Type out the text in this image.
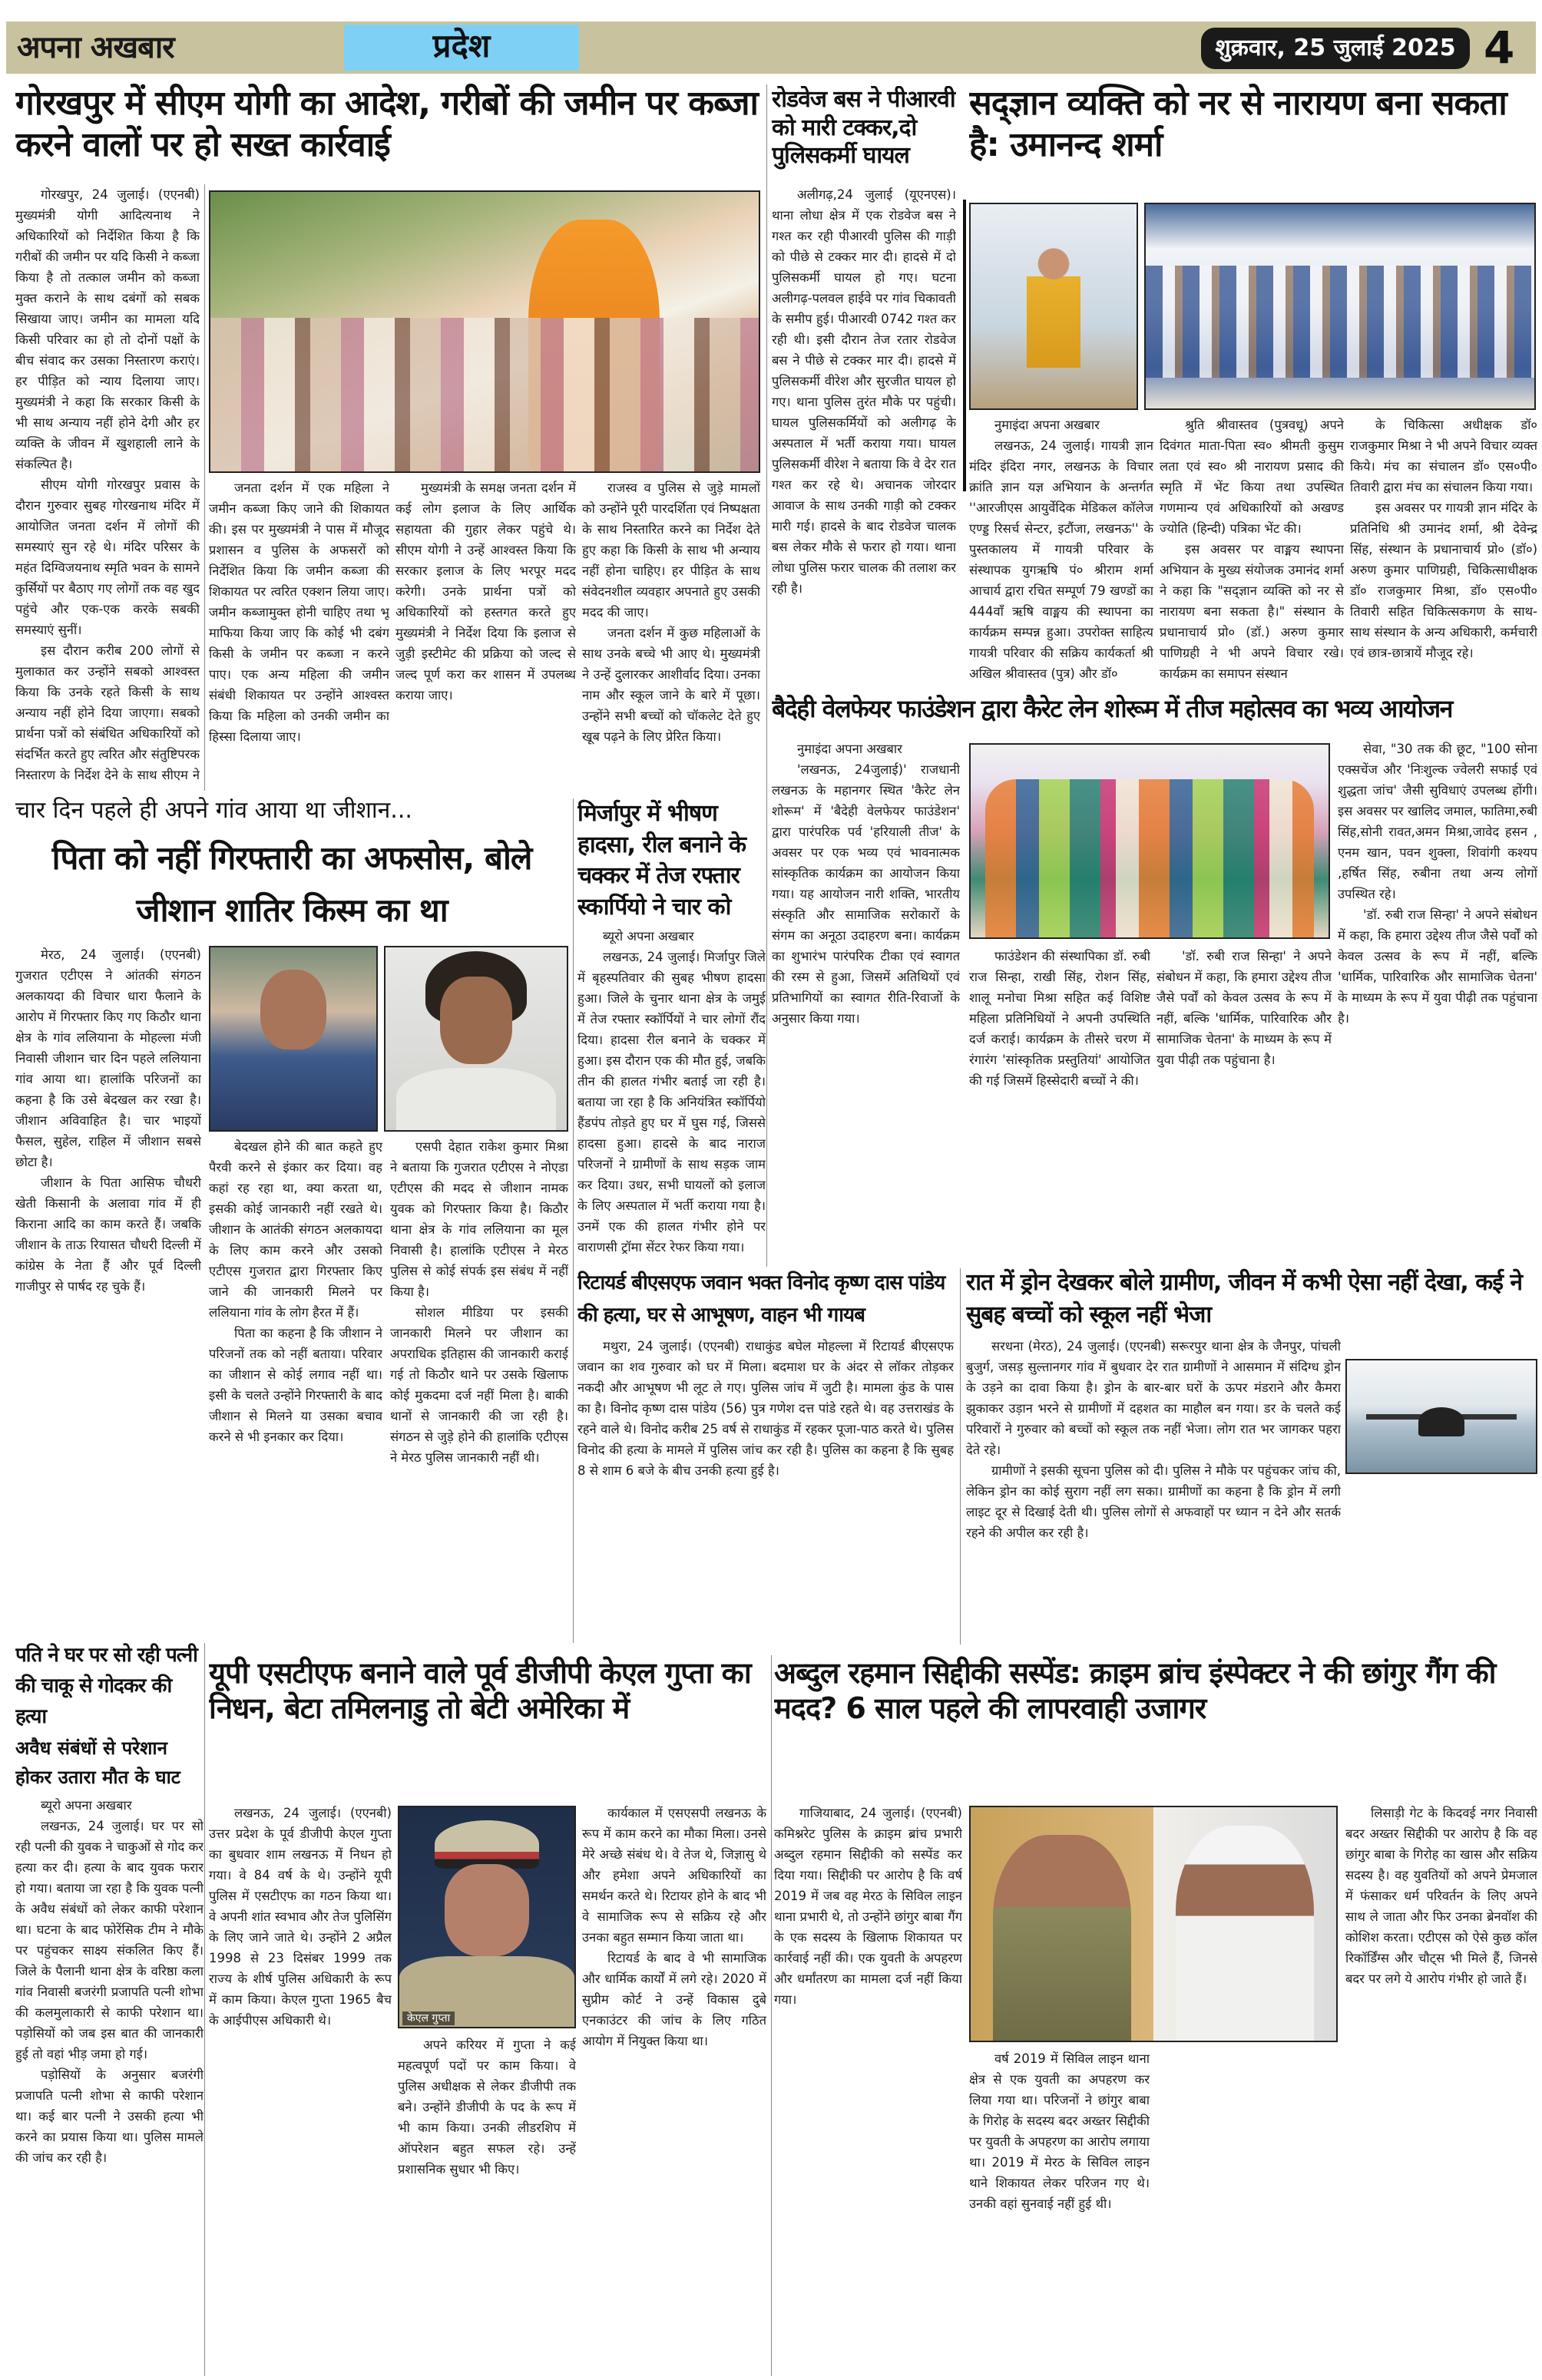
अपना अखबार	प्रदेश	शुक्रवार, 25 जुलाई 2025 4
गोरखपुर में सीएम योगी का आदेश, गरीबों की जमीन पर कब्जा करने वालों पर हो सख्त कार्रवाई

गोरखपुर, 24 जुलाई। (एएनबी) मुख्यमंत्री योगी आदित्यनाथ ने अधिकारियों को निर्देशित किया है कि गरीबों की जमीन पर यदि किसी ने कब्जा किया है तो तत्काल जमीन को कब्जा मुक्त कराने के साथ दबंगों को सबक सिखाया जाए। जमीन का मामला यदि किसी परिवार का हो तो दोनों पक्षों के बीच संवाद कर उसका निस्तारण कराएं। हर पीड़ित को न्याय दिलाया जाए। मुख्यमंत्री ने कहा कि सरकार किसी के भी साथ अन्याय नहीं होने देगी और हर व्यक्ति के जीवन में खुशहाली लाने के संकल्पित है।

सीएम योगी गोरखपुर प्रवास के दौरान गुरुवार सुबह गोरखनाथ मंदिर में आयोजित जनता दर्शन में लोगों की समस्याएं सुन रहे थे। मंदिर परिसर के महंत दिग्विजयनाथ स्मृति भवन के सामने कुर्सियों पर बैठाए गए लोगों तक वह खुद पहुंचे और एक-एक करके सबकी समस्याएं सुनीं।

इस दौरान करीब 200 लोगों से मुलाकात कर उन्होंने सबको आश्वस्त किया कि उनके रहते किसी के साथ अन्याय नहीं होने दिया जाएगा। सबको प्रार्थना पत्रों को संबंधित अधिकारियों को संदर्भित करते हुए त्वरित और संतुष्टिपरक निस्तारण के निर्देश देने के साथ सीएम ने

जनता दर्शन में एक महिला ने जमीन कब्जा किए जाने की शिकायत की। इस पर मुख्यमंत्री ने पास में मौजूद प्रशासन व पुलिस के अफसरों को निर्देशित किया कि जमीन कब्जा की शिकायत पर त्वरित एक्शन लिया जाए। जमीन कब्जामुक्त होनी चाहिए तथा भू माफिया किया जाए कि कोई भी दबंग किसी के जमीन पर कब्जा न करने पाए। एक अन्य महिला की जमीन संबंधी शिकायत पर उन्होंने आश्वस्त किया कि महिला को उनकी जमीन का हिस्सा दिलाया जाए।

मुख्यमंत्री के समक्ष जनता दर्शन में कई लोग इलाज के लिए आर्थिक सहायता की गुहार लेकर पहुंचे थे। सीएम योगी ने उन्हें आश्वस्त किया कि सरकार इलाज के लिए भरपूर मदद करेगी। उनके प्रार्थना पत्रों को अधिकारियों को हस्तगत करते हुए मुख्यमंत्री ने निर्देश दिया कि इलाज से जुड़ी इस्टीमेट की प्रक्रिया को जल्द से जल्द पूर्ण करा कर शासन में उपलब्ध कराया जाए।

राजस्व व पुलिस से जुड़े मामलों को उन्होंने पूरी पारदर्शिता एवं निष्पक्षता के साथ निस्तारित करने का निर्देश देते हुए कहा कि किसी के साथ भी अन्याय नहीं होना चाहिए। हर पीड़ित के साथ संवेदनशील व्यवहार अपनाते हुए उसकी मदद की जाए।

जनता दर्शन में कुछ महिलाओं के साथ उनके बच्चे भी आए थे। मुख्यमंत्री ने उन्हें दुलारकर आशीर्वाद दिया। उनका नाम और स्कूल जाने के बारे में पूछा। उन्होंने सभी बच्चों को चॉकलेट देते हुए खूब पढ़ने के लिए प्रेरित किया।

रोडवेज बस ने पीआरवी को मारी टक्कर,दो पुलिसकर्मी घायल

अलीगढ़,24 जुलाई (यूएनएस)। थाना लोधा क्षेत्र में एक रोडवेज बस ने गश्त कर रही पीआरवी पुलिस की गाड़ी को पीछे से टक्कर मार दी। हादसे में दो पुलिसकर्मी घायल हो गए। घटना अलीगढ़-पलवल हाईवे पर गांव चिकावती के समीप हुई। पीआरवी 0742 गश्त कर रही थी। इसी दौरान तेज रतार रोडवेज बस ने पीछे से टक्कर मार दी। हादसे में पुलिसकर्मी वीरेश और सुरजीत घायल हो गए। थाना पुलिस तुरंत मौके पर पहुंची। घायल पुलिसकर्मियों को अलीगढ़ के अस्पताल में भर्ती कराया गया। घायल पुलिसकर्मी वीरेश ने बताया कि वे देर रात गश्त कर रहे थे। अचानक जोरदार आवाज के साथ उनकी गाड़ी को टक्कर मारी गई। हादसे के बाद रोडवेज चालक बस लेकर मौके से फरार हो गया। थाना लोधा पुलिस फरार चालक की तलाश कर रही है।

सद्ज्ञान व्यक्ति को नर से नारायण बना सकता है: उमानन्द शर्मा

नुमाइंदा अपना अखबार

लखनऊ, 24 जुलाई। गायत्री ज्ञान मंदिर इंदिरा नगर, लखनऊ के विचार क्रांति ज्ञान यज्ञ अभियान के अन्तर्गत ''आरजीएस आयुर्वेदिक मेडिकल कॉलेज एण्ड्ड रिसर्च सेन्टर, इटौंजा, लखनऊ'' के पुस्तकालय में गायत्री परिवार के संस्थापक युगऋषि पं० श्रीराम शर्मा आचार्य द्वारा रचित सम्पूर्ण 79 खण्डों का 444वाँ ऋषि वाङ्मय की स्थापना का कार्यक्रम सम्पन्न हुआ। उपरोक्त साहित्य गायत्री परिवार की सक्रिय कार्यकर्ता श्री अखिल श्रीवास्तव (पुत्र) और डॉ०

श्रुति श्रीवास्तव (पुत्रवधू) अपने दिवंगत माता-पिता स्व० श्रीमती कुसुम लता एवं स्व० श्री नारायण प्रसाद की स्मृति में भेंट किया तथा उपस्थित गणमान्य एवं अधिकारियों को अखण्ड ज्योति (हिन्दी) पत्रिका भेंट की।

इस अवसर पर वाङ्मय स्थापना अभियान के मुख्य संयोजक उमानंद शर्मा ने कहा कि "सद्ज्ञान व्यक्ति को नर से नारायण बना सकता है।" संस्थान के प्रधानाचार्य प्रो० (डॉ.) अरुण कुमार पाणिग्रही ने भी अपने विचार रखे। कार्यक्रम का समापन संस्थान

के चिकित्सा अधीक्षक डॉ० राजकुमार मिश्रा ने भी अपने विचार व्यक्त किये। मंच का संचालन डॉ० एस०पी० तिवारी द्वारा मंच का संचालन किया गया।

इस अवसर पर गायत्री ज्ञान मंदिर के प्रतिनिधि श्री उमानंद शर्मा, श्री देवेन्द्र सिंह, संस्थान के प्रधानाचार्य प्रो० (डॉ०) अरुण कुमार पाणिग्रही, चिकित्साधीक्षक डॉ० राजकुमार मिश्रा, डॉ० एस०पी० तिवारी सहित चिकित्सकगण के साथ-साथ संस्थान के अन्य अधिकारी, कर्मचारी एवं छात्र-छात्रायें मौजूद रहे।

बैदेही वेलफेयर फाउंडेशन द्वारा कैरेट लेन शोरूम में तीज महोत्सव का भव्य आयोजन

नुमाइंदा अपना अखबार

'लखनऊ, 24जुलाई)' राजधानी लखनऊ के महानगर स्थित 'कैरेट लेन शोरूम' में 'बैदेही वेलफेयर फाउंडेशन' द्वारा पारंपरिक पर्व 'हरियाली तीज' के अवसर पर एक भव्य एवं भावनात्मक सांस्कृतिक कार्यक्रम का आयोजन किया गया। यह आयोजन नारी शक्ति, भारतीय संस्कृति और सामाजिक सरोकारों के संगम का अनूठा उदाहरण बना। कार्यक्रम का शुभारंभ पारंपरिक टीका एवं स्वागत की रस्म से हुआ, जिसमें अतिथियों एवं प्रतिभागियों का स्वागत रीति-रिवाजों के अनुसार किया गया।

फाउंडेशन की संस्थापिका डॉ. रुबी राज सिन्हा, राखी सिंह, रोशन सिंह, शालू मनोचा मिश्रा सहित कई विशिष्ट महिला प्रतिनिधियों ने अपनी उपस्थिति दर्ज कराई। कार्यक्रम के तीसरे चरण में रंगारंग 'सांस्कृतिक प्रस्तुतियां' आयोजित की गई जिसमें हिस्सेदारी बच्चों ने की।

'डॉ. रुबी राज सिन्हा' ने अपने संबोधन में कहा, कि हमारा उद्देश्य तीज जैसे पर्वों को केवल उत्सव के रूप में नहीं, बल्कि 'धार्मिक, पारिवारिक और सामाजिक चेतना' के माध्यम के रूप में युवा पीढ़ी तक पहुंचाना है।

सेवा, "30 तक की छूट, "100 सोना एक्सचेंज और 'निःशुल्क ज्वेलरी सफाई एवं शुद्धता जांच' जैसी सुविधाएं उपलब्ध होंगी। इस अवसर पर खालिद जमाल, फातिमा,रुबी सिंह,सोनी रावत,अमन मिश्रा,जावेद हसन , एनम खान, पवन शुक्ला, शिवांगी कश्यप ,हर्षित सिंह, रुबीना तथा अन्य लोगों उपस्थित रहे।

'डॉ. रुबी राज सिन्हा' ने अपने संबोधन में कहा, कि हमारा उद्देश्य तीज जैसे पर्वों को केवल उत्सव के रूप में नहीं, बल्कि 'धार्मिक, पारिवारिक और सामाजिक चेतना' के माध्यम के रूप में युवा पीढ़ी तक पहुंचाना है।

चार दिन पहले ही अपने गांव आया था जीशान...
पिता को नहीं गिरफ्तारी का अफसोस, बोले जीशान शातिर किस्म का था

मेरठ, 24 जुलाई। (एएनबी) गुजरात एटीएस ने आंतकी संगठन अलकायदा की विचार धारा फैलाने के आरोप में गिरफ्तार किए गए किठौर थाना क्षेत्र के गांव ललियाना के मोहल्ला मंजी निवासी जीशान चार दिन पहले ललियाना गांव आया था। हालांकि परिजनों का कहना है कि उसे बेदखल कर रखा है। जीशान अविवाहित है। चार भाइयों फैसल, सुहेल, राहिल में जीशान सबसे छोटा है।

जीशान के पिता आसिफ चौधरी खेती किसानी के अलावा गांव में ही किराना आदि का काम करते हैं। जबकि जीशान के ताऊ रियासत चौधरी दिल्ली में कांग्रेस के नेता हैं और पूर्व दिल्ली गाजीपुर से पार्षद रह चुके हैं।

बेदखल होने की बात कहते हुए पैरवी करने से इंकार कर दिया। वह कहां रह रहा था, क्या करता था, इसकी कोई जानकारी नहीं रखते थे। जीशान के आतंकी संगठन अलकायदा के लिए काम करने और उसको एटीएस गुजरात द्वारा गिरफ्तार किए जाने की जानकारी मिलने पर ललियाना गांव के लोग हैरत में हैं।

पिता का कहना है कि जीशान ने परिजनों तक को नहीं बताया। परिवार का जीशान से कोई लगाव नहीं था। इसी के चलते उन्होंने गिरफ्तारी के बाद जीशान से मिलने या उसका बचाव करने से भी इनकार कर दिया।

एसपी देहात राकेश कुमार मिश्रा ने बताया कि गुजरात एटीएस ने नोएडा एटीएस की मदद से जीशान नामक युवक को गिरफ्तार किया है। किठौर थाना क्षेत्र के गांव ललियाना का मूल निवासी है। हालांकि एटीएस ने मेरठ पुलिस से कोई संपर्क इस संबंध में नहीं किया है।

सोशल मीडिया पर इसकी जानकारी मिलने पर जीशान का अपराधिक इतिहास की जानकारी कराई गई तो किठौर थाने पर उसके खिलाफ कोई मुकदमा दर्ज नहीं मिला है। बाकी थानों से जानकारी की जा रही है। संगठन से जुड़े होने की हालांकि एटीएस ने मेरठ पुलिस जानकारी नहीं थी।

मिर्जापुर में भीषण हादसा, रील बनाने के चक्कर में तेज रफ्तार स्कार्पियो ने चार को

ब्यूरो अपना अखबार

लखनऊ, 24 जुलाई। मिर्जापुर जिले में बृहस्पतिवार की सुबह भीषण हादसा हुआ। जिले के चुनार थाना क्षेत्र के जमुई में तेज रफ्तार स्कॉर्पियों ने चार लोगों रौंद दिया। हादसा रील बनाने के चक्कर में हुआ। इस दौरान एक की मौत हुई, जबकि तीन की हालत गंभीर बताई जा रही है। बताया जा रहा है कि अनियंत्रित स्कॉर्पियो हैंडपंप तोड़ते हुए घर में घुस गई, जिससे हादसा हुआ। हादसे के बाद नाराज परिजनों ने ग्रामीणों के साथ सड़क जाम कर दिया। उधर, सभी घायलों को इलाज के लिए अस्पताल में भर्ती कराया गया है। उनमें एक की हालत गंभीर होने पर वाराणसी ट्रॉमा सेंटर रेफर किया गया।

रिटायर्ड बीएसएफ जवान भक्त विनोद कृष्ण दास पांडेय की हत्या, घर से आभूषण, वाहन भी गायब

मथुरा, 24 जुलाई। (एएनबी) राधाकुंड बघेल मोहल्ला में रिटायर्ड बीएसएफ जवान का शव गुरुवार को घर में मिला। बदमाश घर के अंदर से लॉकर तोड़कर नकदी और आभूषण भी लूट ले गए। पुलिस जांच में जुटी है। मामला कुंड के पास का है। विनोद कृष्ण दास पांडेय (56) पुत्र गणेश दत्त पांडे रहते थे। वह उत्तराखंड के रहने वाले थे। विनोद करीब 25 वर्ष से राधाकुंड में रहकर पूजा-पाठ करते थे। पुलिस विनोद की हत्या के मामले में पुलिस जांच कर रही है। पुलिस का कहना है कि सुबह 8 से शाम 6 बजे के बीच उनकी हत्या हुई है।

रात में ड्रोन देखकर बोले ग्रामीण, जीवन में कभी ऐसा नहीं देखा, कई ने सुबह बच्चों को स्कूल नहीं भेजा

सरधना (मेरठ), 24 जुलाई। (एएनबी) सरूरपुर थाना क्षेत्र के जैनपुर, पांचली बुजुर्ग, जसड़ सुल्तानगर गांव में बुधवार देर रात ग्रामीणों ने आसमान में संदिग्ध ड्रोन के उड़ने का दावा किया है। ड्रोन के बार-बार घरों के ऊपर मंडराने और कैमरा झुकाकर उड़ान भरने से ग्रामीणों में दहशत का माहौल बन गया। डर के चलते कई परिवारों ने गुरुवार को बच्चों को स्कूल तक नहीं भेजा। लोग रात भर जागकर पहरा देते रहे।

ग्रामीणों ने इसकी सूचना पुलिस को दी। पुलिस ने मौके पर पहुंचकर जांच की, लेकिन ड्रोन का कोई सुराग नहीं लग सका। ग्रामीणों का कहना है कि ड्रोन में लगी लाइट दूर से दिखाई देती थी। पुलिस लोगों से अफवाहों पर ध्यान न देने और सतर्क रहने की अपील कर रही है।

पति ने घर पर सो रही पत्नी की चाकू से गोदकर की हत्या
अवैध संबंधों से परेशान होकर उतारा मौत के घाट

ब्यूरो अपना अखबार

लखनऊ, 24 जुलाई। घर पर सो रही पत्नी की युवक ने चाकुओं से गोद कर हत्या कर दी। हत्या के बाद युवक फरार हो गया। बताया जा रहा है कि युवक पत्नी के अवैध संबंधों को लेकर काफी परेशान था। घटना के बाद फोरेंसिक टीम ने मौके पर पहुंचकर साक्ष्य संकलित किए हैं। जिले के पैलानी थाना क्षेत्र के वरिष्ठा कला गांव निवासी बजरंगी प्रजापति पत्नी शोभा की कलमुलाकारी से काफी परेशान था। पड़ोसियों को जब इस बात की जानकारी हुई तो वहां भीड़ जमा हो गई।

पड़ोसियों के अनुसार बजरंगी प्रजापति पत्नी शोभा से काफी परेशान था। कई बार पत्नी ने उसकी हत्या भी करने का प्रयास किया था। पुलिस मामले की जांच कर रही है।

यूपी एसटीएफ बनाने वाले पूर्व डीजीपी केएल गुप्ता का निधन, बेटा तमिलनाडु तो बेटी अमेरिका में

लखनऊ, 24 जुलाई। (एएनबी) उत्तर प्रदेश के पूर्व डीजीपी केएल गुप्ता का बुधवार शाम लखनऊ में निधन हो गया। वे 84 वर्ष के थे। उन्होंने यूपी पुलिस में एसटीएफ का गठन किया था। वे अपनी शांत स्वभाव और तेज पुलिसिंग के लिए जाने जाते थे। उन्होंने 2 अप्रैल 1998 से 23 दिसंबर 1999 तक राज्य के शीर्ष पुलिस अधिकारी के रूप में काम किया। केएल गुप्ता 1965 बैच के आईपीएस अधिकारी थे।

अपने करियर में गुप्ता ने कई महत्वपूर्ण पदों पर काम किया। वे पुलिस अधीक्षक से लेकर डीजीपी तक बने। उन्होंने डीजीपी के पद के रूप में भी काम किया। उनकी लीडरशिप में ऑपरेशन बहुत सफल रहे। उन्हें प्रशासनिक सुधार भी किए।

कार्यकाल में एसएसपी लखनऊ के रूप में काम करने का मौका मिला। उनसे मेरे अच्छे संबंध थे। वे तेज थे, जिज्ञासु थे और हमेशा अपने अधिकारियों का समर्थन करते थे। रिटायर होने के बाद भी वे सामाजिक रूप से सक्रिय रहे और उनका बहुत सम्मान किया जाता था।

रिटायर्ड के बाद वे भी सामाजिक और धार्मिक कार्यों में लगे रहे। 2020 में सुप्रीम कोर्ट ने उन्हें विकास दुबे एनकाउंटर की जांच के लिए गठित आयोग में नियुक्त किया था।

केएल गुप्ता
अब्दुल रहमान सिद्दीकी सस्पेंड: क्राइम ब्रांच इंस्पेक्टर ने की छांगुर गैंग की मदद? 6 साल पहले की लापरवाही उजागर

गाजियाबाद, 24 जुलाई। (एएनबी) कमिश्नरेट पुलिस के क्राइम ब्रांच प्रभारी अब्दुल रहमान सिद्दीकी को सस्पेंड कर दिया गया। सिद्दीकी पर आरोप है कि वर्ष 2019 में जब वह मेरठ के सिविल लाइन थाना प्रभारी थे, तो उन्होंने छांगुर बाबा गैंग के एक सदस्य के खिलाफ शिकायत पर कार्रवाई नहीं की। एक युवती के अपहरण और धर्मांतरण का मामला दर्ज नहीं किया गया।

वर्ष 2019 में सिविल लाइन थाना क्षेत्र से एक युवती का अपहरण कर लिया गया था। परिजनों ने छांगुर बाबा के गिरोह के सदस्य बदर अख्तर सिद्दीकी पर युवती के अपहरण का आरोप लगाया था। 2019 में मेरठ के सिविल लाइन थाने शिकायत लेकर परिजन गए थे। उनकी वहां सुनवाई नहीं हुई थी।

लिसाड़ी गेट के किदवई नगर निवासी बदर अख्तर सिद्दीकी पर आरोप है कि वह छांगुर बाबा के गिरोह का खास और सक्रिय सदस्य है। वह युवतियों को अपने प्रेमजाल में फंसाकर धर्म परिवर्तन के लिए अपने साथ ले जाता और फिर उनका ब्रेनवॉश की कोशिश करता। एटीएस को ऐसे कुछ कॉल रिकॉर्डिंग्स और चौट्स भी मिले हैं, जिनसे बदर पर लगे ये आरोप गंभीर हो जाते हैं।
